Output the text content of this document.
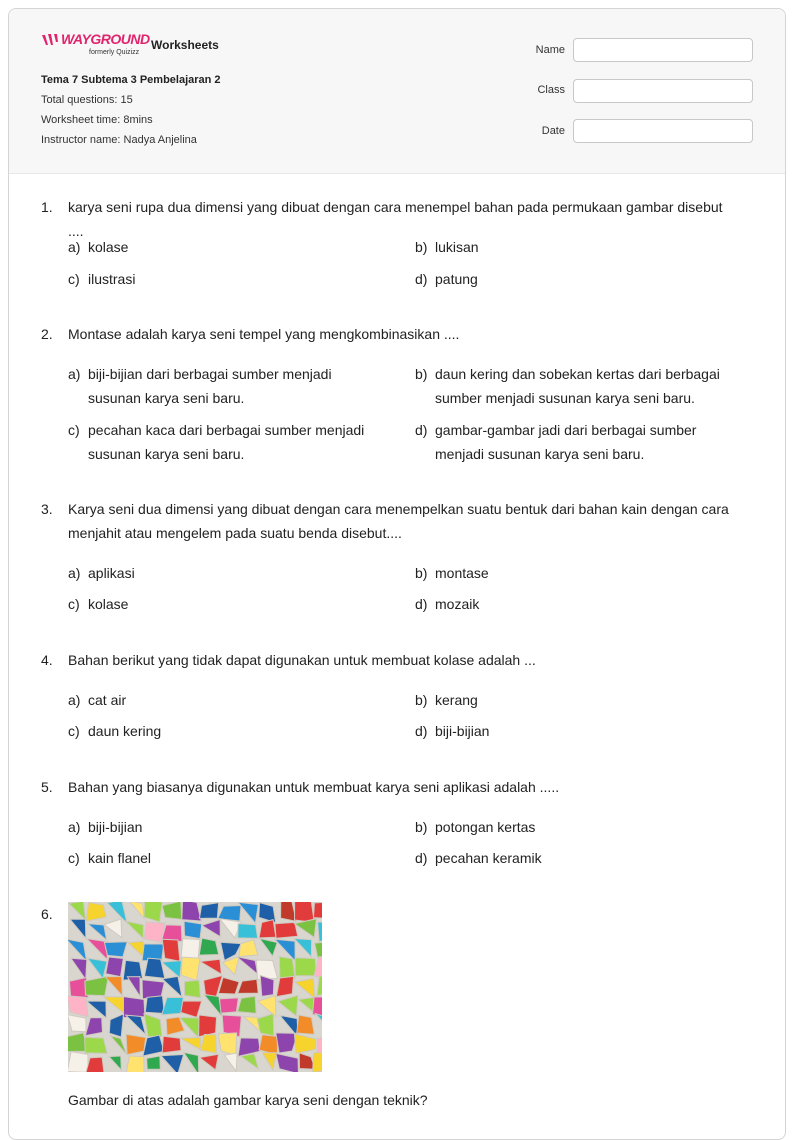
WAYGROUND
formerly Quizizz
Worksheets
Tema 7 Subtema 3 Pembelajaran 2
Total questions: 15
Worksheet time: 8mins
Instructor name: Nadya Anjelina
Name
Class
Date
1. karya seni rupa dua dimensi yang dibuat dengan cara menempel bahan pada permukaan gambar disebut ....
a) kolase	b) lukisan
c) ilustrasi	d) patung
2. Montase adalah karya seni tempel yang mengkombinasikan ....
a) biji-bijian dari berbagai sumber menjadi susunan karya seni baru.
b) daun kering dan sobekan kertas dari berbagai sumber menjadi susunan karya seni baru.
c) pecahan kaca dari berbagai sumber menjadi susunan karya seni baru.
d) gambar-gambar jadi dari berbagai sumber menjadi susunan karya seni baru.
3. Karya seni dua dimensi yang dibuat dengan cara menempelkan suatu bentuk dari bahan kain dengan cara menjahit atau mengelem pada suatu benda disebut....
a) aplikasi	b) montase
c) kolase	d) mozaik
4. Bahan berikut yang tidak dapat digunakan untuk membuat kolase adalah ...
a) cat air	b) kerang
c) daun kering	d) biji-bijian
5. Bahan yang biasanya digunakan untuk membuat karya seni aplikasi adalah .....
a) biji-bijian	b) potongan kertas
c) kain flanel	d) pecahan keramik
6.
Gambar di atas adalah gambar karya seni dengan teknik?
